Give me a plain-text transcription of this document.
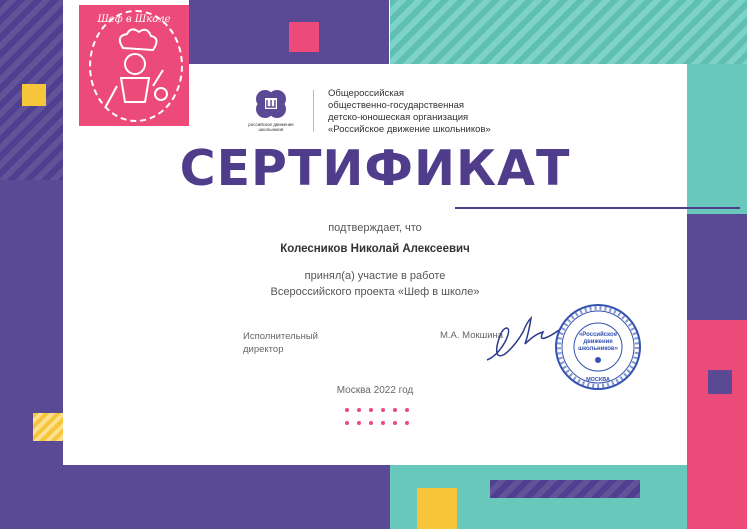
Шеф в Школе
российское движение школьников
Общероссийская
общественно-государственная
детско-юношеская организация
«Российское движение школьников»
СЕРТИФИКАТ
подтверждает, что
Колесников Николай Алексеевич
принял(а) участие в работе
Всероссийского проекта «Шеф в школе»
Исполнительный
директор
М.А. Мокшина	«Российское
движение
школьников»
МОСКВА
Москва 2022 год
